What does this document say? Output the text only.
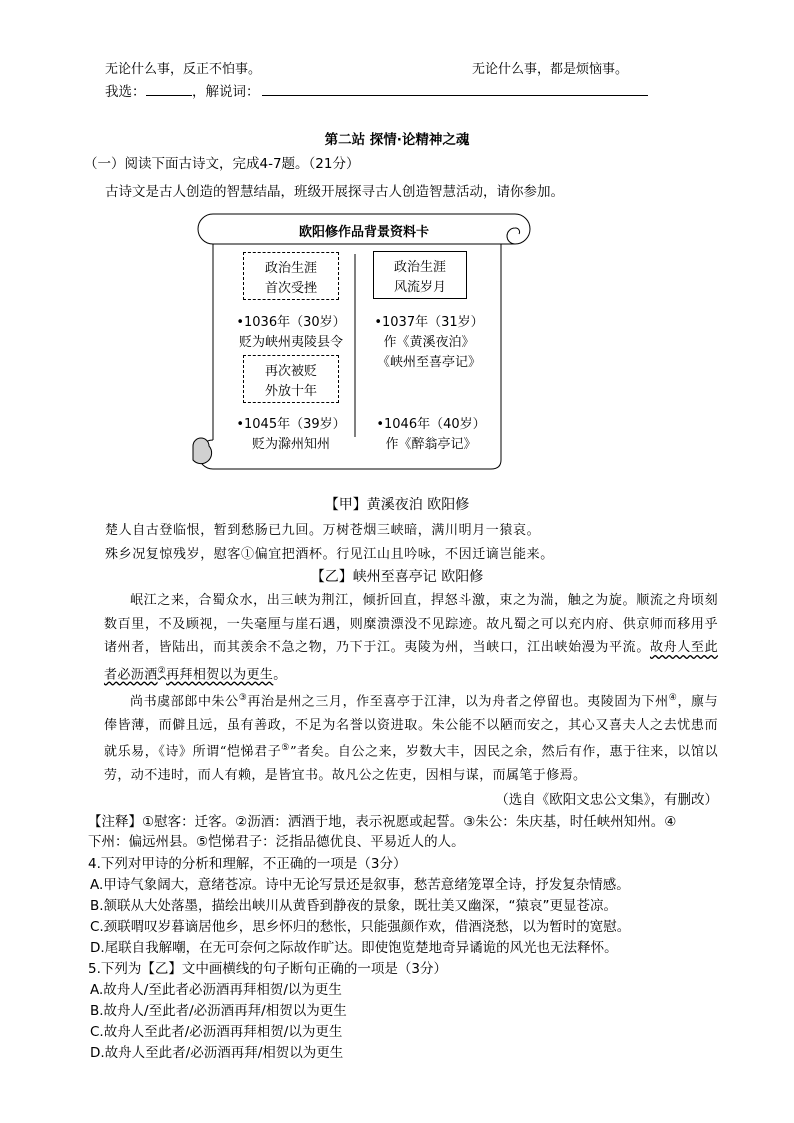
无论什么事，反正不怕事。	无论什么事，都是烦恼事。
我选：	，解说词：
第二站 探情·论精神之魂
（一）阅读下面古诗文，完成4-7题。（21分）
古诗文是古人创造的智慧结晶，班级开展探寻古人创造智慧活动，请你参加。
欧阳修作品背景资料卡
政治生涯
首次受挫
政治生涯
风流岁月
•1036年（30岁）
贬为峡州夷陵县令
•1037年（31岁）
作《黄溪夜泊》
《峡州至喜亭记》
再次被贬
外放十年
•1045年（39岁）
贬为滁州知州
•1046年（40岁）
作《醉翁亭记》
【甲】黄溪夜泊 欧阳修
楚人自古登临恨，暂到愁肠已九回。万树苍烟三峡暗，满川明月一猿哀。
殊乡况复惊残岁，慰客①偏宜把酒杯。行见江山且吟咏，不因迁谪岂能来。
【乙】峡州至喜亭记 欧阳修
岷江之来，合蜀众水，出三峡为荆江，倾折回直，捍怒斗激，束之为湍，触之为旋。顺流之舟顷刻数百里，不及顾视，一失毫厘与崖石遇，则糜溃漂没不见踪迹。故凡蜀之可以充内府、供京师而移用乎诸州者，皆陆出，而其羡余不急之物，乃下于江。夷陵为州，当峡口，江出峡始漫为平流。故舟人至此者必沥酒②再拜相贺以为更生。
尚书虞部郎中朱公③再治是州之三月，作至喜亭于江津，以为舟者之停留也。夷陵固为下州④，廪与俸皆薄，而僻且远，虽有善政，不足为名誉以资进取。朱公能不以陋而安之，其心又喜夫人之去忧患而就乐易，《诗》所谓“恺悌君子⑤”者矣。自公之来，岁数大丰，因民之余，然后有作，惠于往来，以馆以劳，动不违时，而人有赖，是皆宜书。故凡公之佐吏，因相与谋，而属笔于修焉。
（选自《欧阳文忠公文集》，有删改）
【注释】①慰客：迁客。②沥酒：洒酒于地，表示祝愿或起誓。③朱公：朱庆基，时任峡州知州。④
下州：偏远州县。⑤恺悌君子：泛指品德优良、平易近人的人。
4.下列对甲诗的分析和理解，不正确的一项是（3分）
A.甲诗气象阔大，意绪苍凉。诗中无论写景还是叙事，愁苦意绪笼罩全诗，抒发复杂情感。
B.颔联从大处落墨，描绘出峡川从黄昏到静夜的景象，既壮美又幽深，“猿哀”更显苍凉。
C.颈联喟叹岁暮谪居他乡，思乡怀归的愁怅，只能强颜作欢，借酒浇愁，以为暂时的宽慰。
D.尾联自我解嘲，在无可奈何之际故作旷达。即使饱览楚地奇异谲诡的风光也无法释怀。
5.下列为【乙】文中画横线的句子断句正确的一项是（3分）
A.故舟人/至此者必沥酒再拜相贺/以为更生
B.故舟人/至此者/必沥酒再拜/相贺以为更生
C.故舟人至此者/必沥酒再拜相贺/以为更生
D.故舟人至此者/必沥酒再拜/相贺以为更生
